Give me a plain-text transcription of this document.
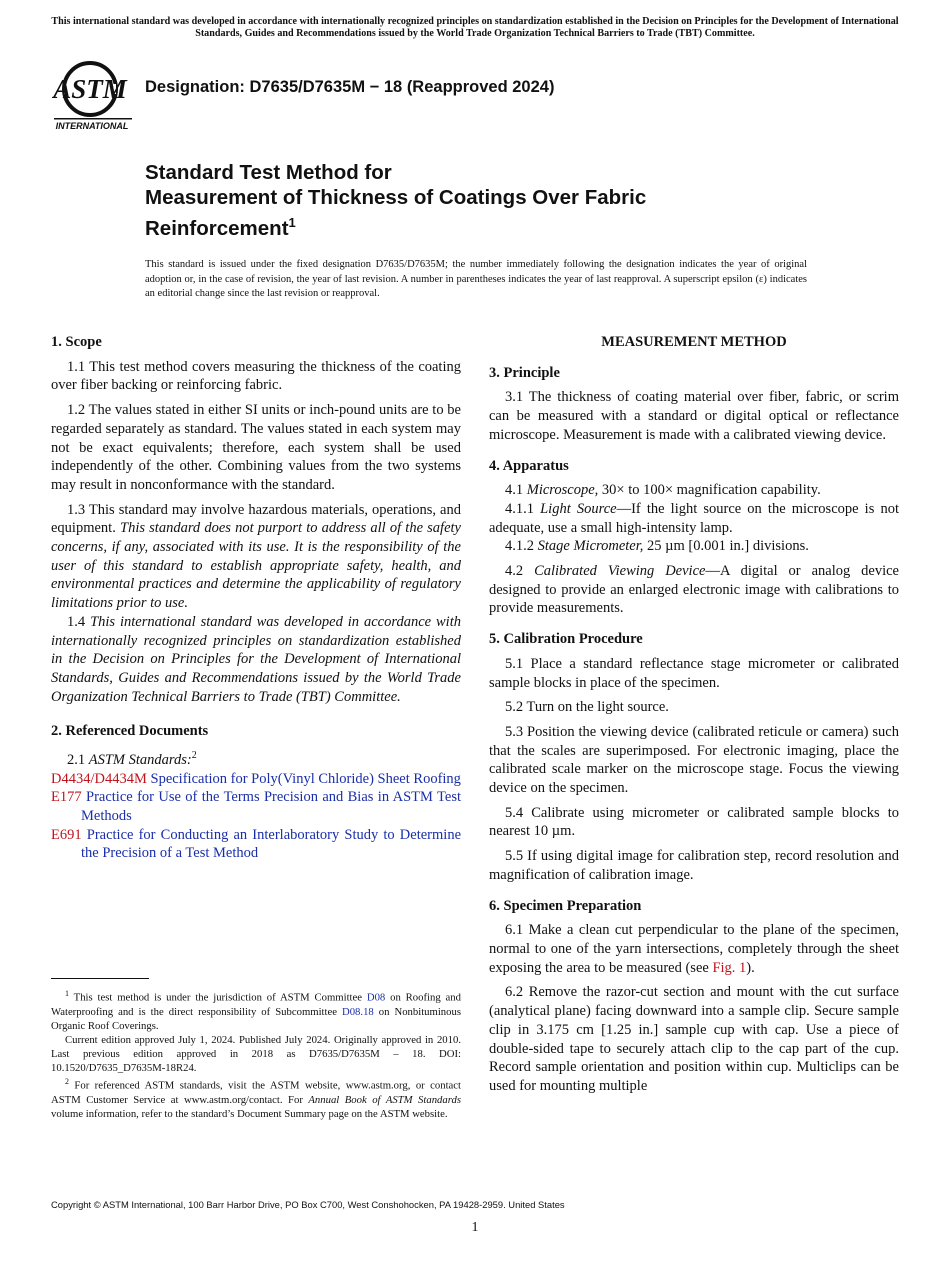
This international standard was developed in accordance with internationally recognized principles on standardization established in the Decision on Principles for the Development of International Standards, Guides and Recommendations issued by the World Trade Organization Technical Barriers to Trade (TBT) Committee.
ASTM
INTERNATIONAL
Designation: D7635/D7635M − 18 (Reapproved 2024)
Standard Test Method for
Measurement of Thickness of Coatings Over Fabric
Reinforcement$^1$
This standard is issued under the fixed designation D7635/D7635M; the number immediately following the designation indicates the year of original adoption or, in the case of revision, the year of last revision. A number in parentheses indicates the year of last reapproval. A superscript epsilon (ε) indicates an editorial change since the last revision or reapproval.
1. Scope

1.1 This test method covers measuring the thickness of the coating over fiber backing or reinforcing fabric.

1.2 The values stated in either SI units or inch-pound units are to be regarded separately as standard. The values stated in each system may not be exact equivalents; therefore, each system shall be used independently of the other. Combining values from the two systems may result in nonconformance with the standard.

1.3 This standard may involve hazardous materials, operations, and equipment. This standard does not purport to address all of the safety concerns, if any, associated with its use. It is the responsibility of the user of this standard to establish appropriate safety, health, and environmental practices and determine the applicability of regulatory limitations prior to use.

1.4 This international standard was developed in accordance with internationally recognized principles on standardization established in the Decision on Principles for the Development of International Standards, Guides and Recommendations issued by the World Trade Organization Technical Barriers to Trade (TBT) Committee.

2. Referenced Documents

2.1 ASTM Standards:$^2$

D4434/D4434M Specification for Poly(Vinyl Chloride) Sheet Roofing

E177 Practice for Use of the Terms Precision and Bias in ASTM Test Methods

E691 Practice for Conducting an Interlaboratory Study to Determine the Precision of a Test Method

MEASUREMENT METHOD
3. Principle

3.1 The thickness of coating material over fiber, fabric, or scrim can be measured with a standard or digital optical or reflectance microscope. Measurement is made with a calibrated viewing device.

4. Apparatus

4.1 Microscope, 30× to 100× magnification capability.

4.1.1 Light Source—If the light source on the microscope is not adequate, use a small high-intensity lamp.

4.1.2 Stage Micrometer, 25 µm [0.001 in.] divisions.

4.2 Calibrated Viewing Device—A digital or analog device designed to provide an enlarged electronic image with calibrations to provide measurements.

5. Calibration Procedure

5.1 Place a standard reflectance stage micrometer or calibrated sample blocks in place of the specimen.

5.2 Turn on the light source.

5.3 Position the viewing device (calibrated reticule or camera) such that the scales are superimposed. For electronic imaging, place the calibrated scale marker on the microscope stage. Focus the viewing device on the specimen.

5.4 Calibrate using micrometer or calibrated sample blocks to nearest 10 µm.

5.5 If using digital image for calibration step, record resolution and magnification of calibration image.

6. Specimen Preparation

6.1 Make a clean cut perpendicular to the plane of the specimen, normal to one of the yarn intersections, completely through the sheet exposing the area to be measured (see Fig. 1).

6.2 Remove the razor-cut section and mount with the cut surface (analytical plane) facing downward into a sample clip. Secure sample clip in 3.175 cm [1.25 in.] sample cup with cap. Use a piece of double-sided tape to securely attach clip to the cap part of the cup. Record sample orientation and position within cup. Multiclips can be used for mounting multiple

$^1$ This test method is under the jurisdiction of ASTM Committee D08 on Roofing and Waterproofing and is the direct responsibility of Subcommittee D08.18 on Nonbituminous Organic Roof Coverings.

Current edition approved July 1, 2024. Published July 2024. Originally approved in 2010. Last previous edition approved in 2018 as D7635/D7635M – 18. DOI: 10.1520/D7635_D7635M-18R24.

$^2$ For referenced ASTM standards, visit the ASTM website, www.astm.org, or contact ASTM Customer Service at www.astm.org/contact. For Annual Book of ASTM Standards volume information, refer to the standard’s Document Summary page on the ASTM website.

Copyright © ASTM International, 100 Barr Harbor Drive, PO Box C700, West Conshohocken, PA 19428-2959. United States
1
